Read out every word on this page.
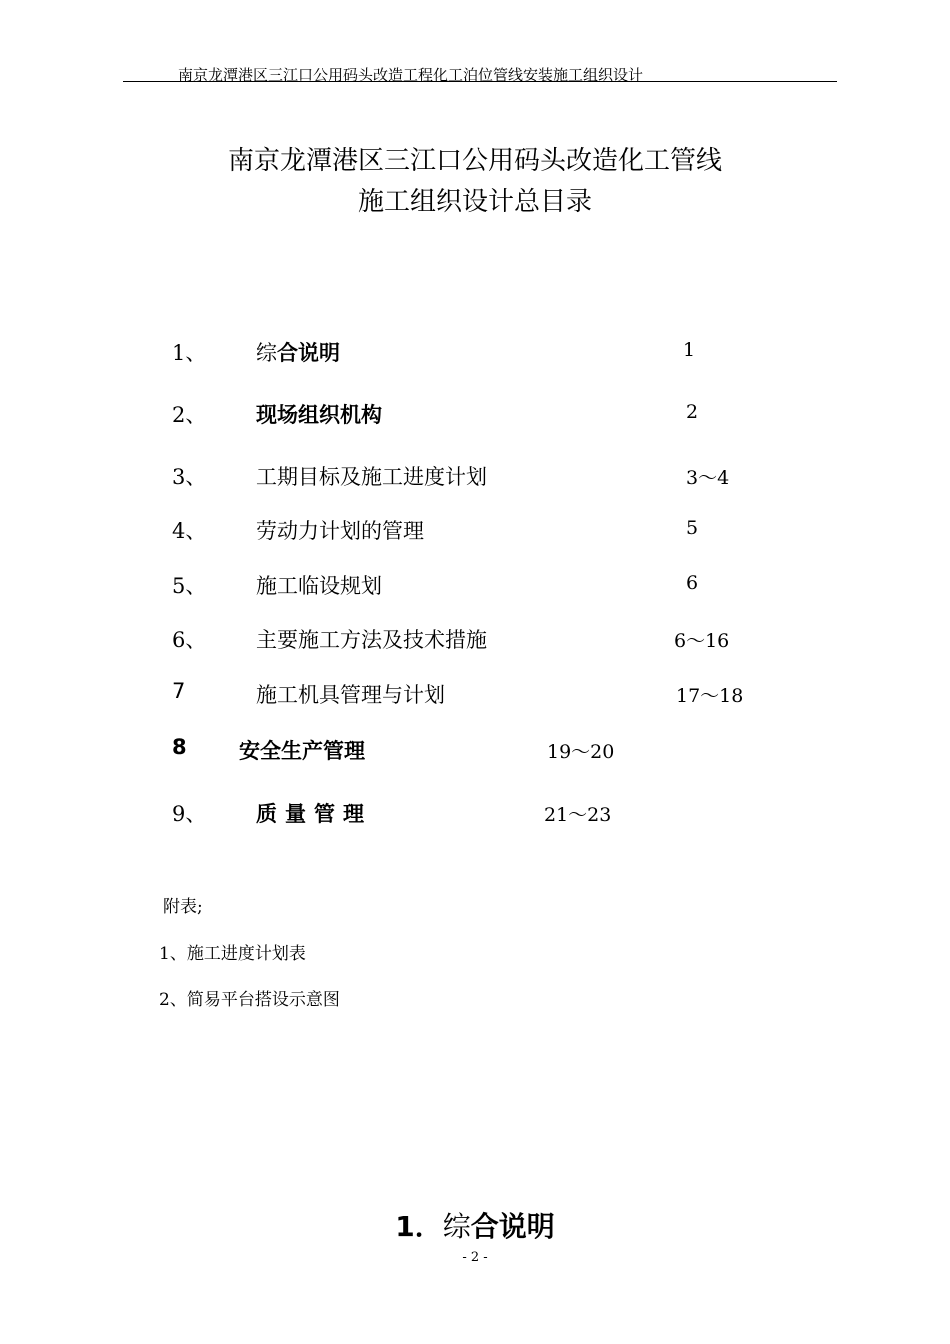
南京龙潭港区三江口公用码头改造工程化工泊位管线安装施工组织设计
南京龙潭港区三江口公用码头改造化工管线
施工组织设计总目录
1、 综合说明	1
2、 现场组织机构	2
3、 工期目标及施工进度计划	3～4
4、 劳动力计划的管理	5
5、 施工临设规划	6
6、 主要施工方法及技术措施	6～16
7	施工机具管理与计划	17～18
8 安全生产管理	19～20
9、 质量管理	21～23
附表;
1、施工进度计划表
2、简易平台搭设示意图
1．综合说明
- 2 -
